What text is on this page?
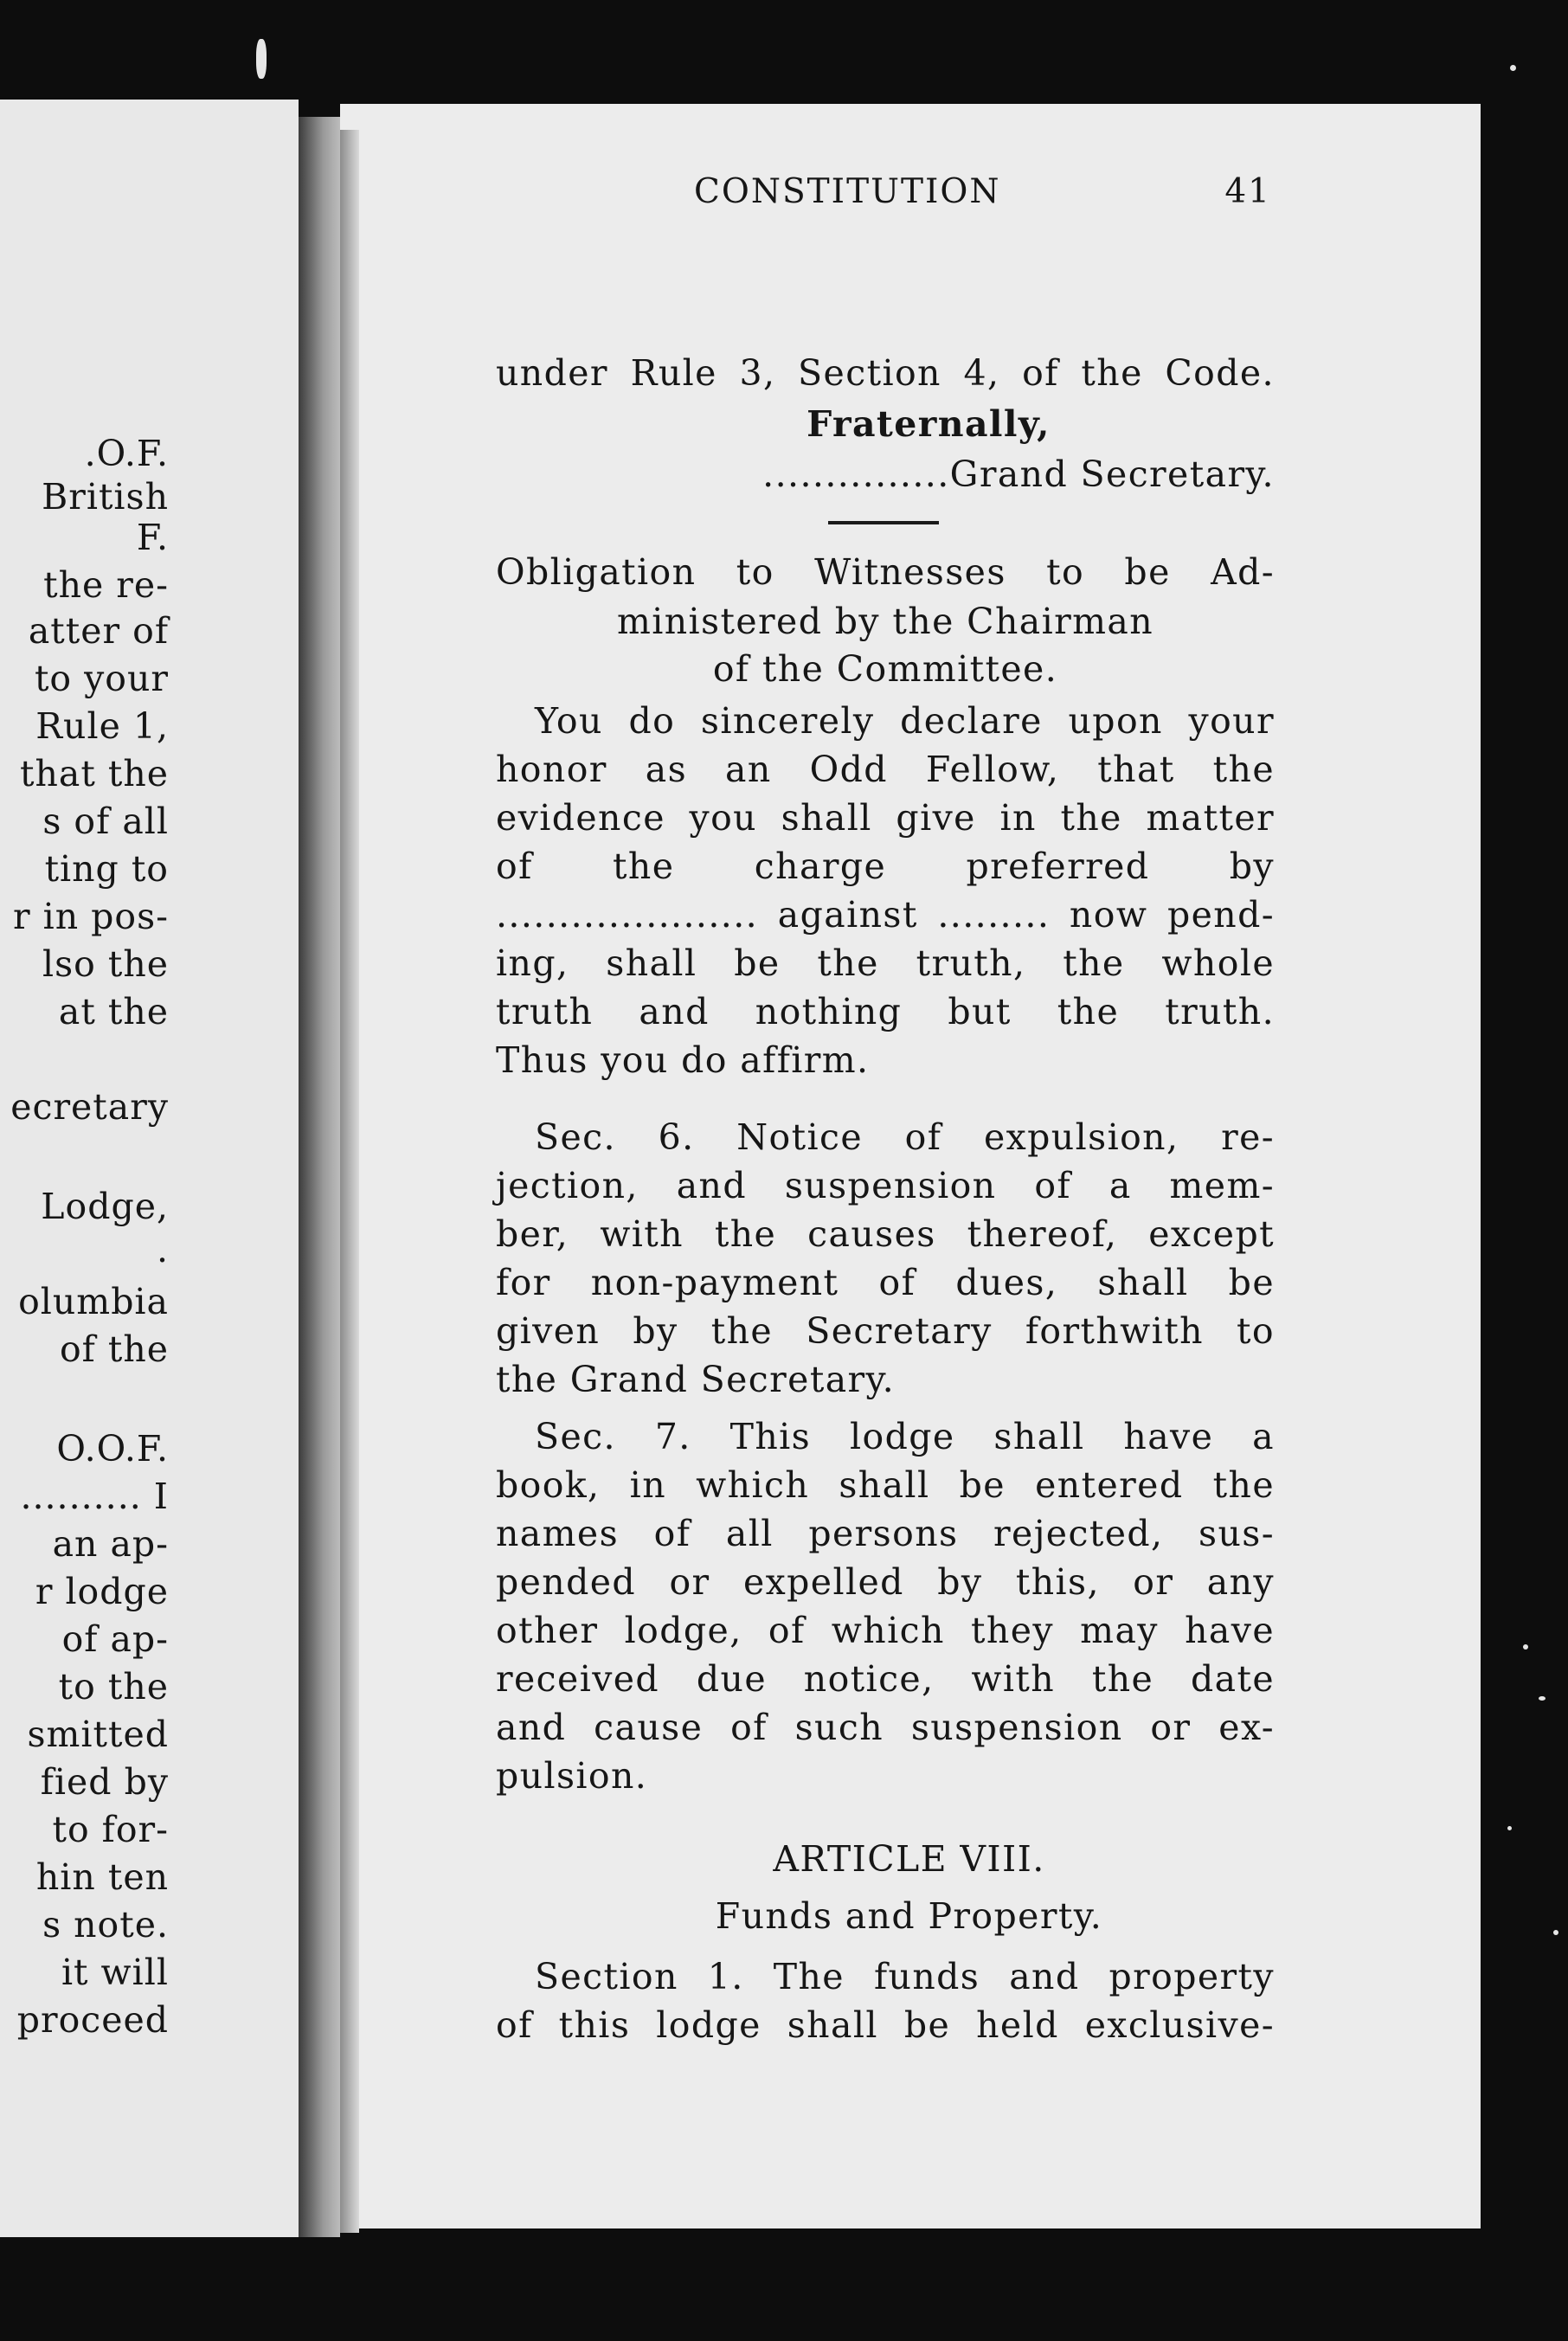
.O.F.
British
F.
the re-
atter of
to your
Rule 1,
that the
s of all
ting to
r in pos-
lso the
at the
ecretary
Lodge,
.
olumbia
of the
O.O.F.
.......... I
an ap-
r lodge
of ap-
to the
smitted
fied by
to for-
hin ten
s note.
it will
proceed
CONSTITUTION	41
under Rule 3, Section 4, of the Code.
Fraternally,
...............Grand Secretary.
Obligation to Witnesses to be Ad-
ministered by the Chairman
of the Committee.
You do sincerely declare upon your
honor as an Odd Fellow, that the
evidence you shall give in the matter
of the charge preferred by
..................... against ......... now pend-
ing, shall be the truth, the whole
truth and nothing but the truth.
Thus you do affirm.
Sec. 6. Notice of expulsion, re-
jection, and suspension of a mem-
ber, with the causes thereof, except
for non-payment of dues, shall be
given by the Secretary forthwith to
the Grand Secretary.
Sec. 7. This lodge shall have a
book, in which shall be entered the
names of all persons rejected, sus-
pended or expelled by this, or any
other lodge, of which they may have
received due notice, with the date
and cause of such suspension or ex-
pulsion.
ARTICLE VIII.
Funds and Property.
Section 1. The funds and property
of this lodge shall be held exclusive-
